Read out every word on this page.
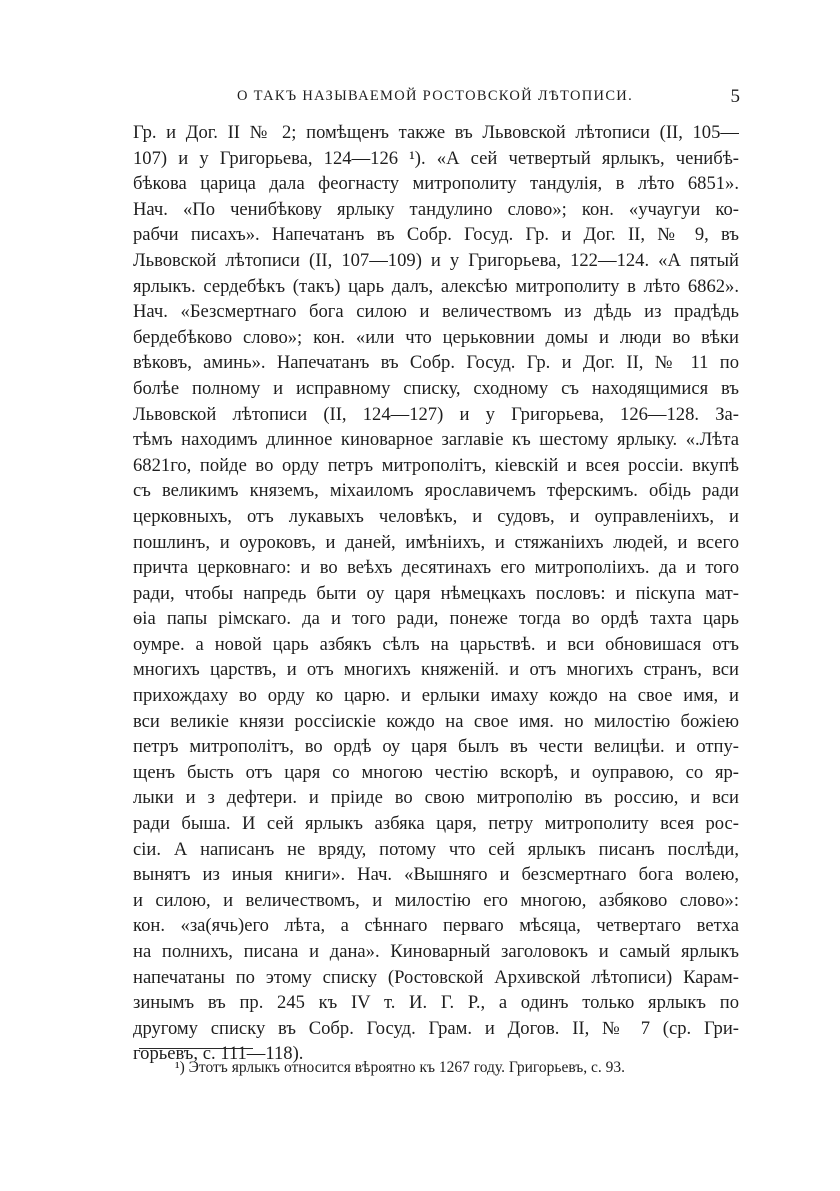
О ТАКЪ НАЗЫВАЕМОЙ РОСТОВСКОЙ ЛѢТОПИСИ.	5
Гр. и Дог. II № 2; помѣщенъ также въ Львовской лѣтописи (II, 105—
107) и у Григорьева, 124—126 ¹). «А сей четвертый ярлыкъ, ченибѣ-
бѣкова царица дала феогнасту митрополиту тандулія, в лѣто 6851».
Нач. «По ченибѣкову ярлыку тандулино слово»; кон. «учаугуи ко-
рабчи писахъ». Напечатанъ въ Собр. Госуд. Гр. и Дог. II, № 9, въ
Львовской лѣтописи (II, 107—109) и у Григорьева, 122—124. «А пятый
ярлыкъ. сердебѣкъ (такъ) царь далъ, алексѣю митрополиту в лѣто 6862».
Нач. «Безсмертнаго бога силою и величествомъ из дѣдь из прадѣдь
бердебѣково слово»; кон. «или что церьковнии домы и люди во вѣки
вѣковъ, аминь». Напечатанъ въ Собр. Госуд. Гр. и Дог. II, № 11 по
болѣе полному и исправному списку, сходному съ находящимися въ
Львовской лѣтописи (II, 124—127) и у Григорьева, 126—128. За-
тѣмъ находимъ длинное киноварное заглавіе къ шестому ярлыку. «.Лѣта
6821го, пойде во орду петръ митрополітъ, кіевскій и всея россіи. вкупѣ
съ великимъ княземъ, міхаиломъ ярославичемъ тферскимъ. обідь ради
церковныхъ, отъ лукавыхъ человѣкъ, и судовъ, и оуправленіихъ, и
пошлинъ, и оуроковъ, и даней, имѣніихъ, и стяжаніихъ людей, и всего
причта церковнаго: и во веѣхъ десятинахъ его митрополіихъ. да и того
ради, чтобы напредь быти оу царя нѣмецкахъ пословъ: и піскупа мат-
ѳіа папы рімскаго. да и того ради, понеже тогда во ордѣ тахта царь
оумре. а новой царь азбякъ сѣлъ на царьствѣ. и вси обновишася отъ
многихъ царствъ, и отъ многихъ княженій. и отъ многихъ странъ, вси
прихождаху во орду ко царю. и ерлыки имаху кождо на свое имя, и
вси великіе князи россіиcкіе кождо на свое имя. но милостію божіею
петръ митрополітъ, во ордѣ оу царя былъ въ чести велицѣи. и отпу-
щенъ бысть отъ царя со многою честію вскорѣ, и оуправою, со яр-
лыки и з дефтери. и пріиде во свою митрополію въ россию, и вси
ради быша. И сей ярлыкъ азбяка царя, петру митрополиту всея рос-
сіи. А написанъ не вряду, потому что сей ярлыкъ писанъ послѣди,
вынятъ из иныя книги». Нач. «Вышняго и безсмертнаго бога волею,
и силою, и величествомъ, и милостію его многою, азбяково слово»:
кон. «за(ячь)его лѣта, а сѣннаго перваго мѣсяца, четвертаго ветха
на полнихъ, писана и дана». Киноварный заголовокъ и самый ярлыкъ
напечатаны по этому списку (Ростовской Архивской лѣтописи) Карам-
зинымъ въ пр. 245 къ IV т. И. Г. Р., а одинъ только ярлыкъ по
другому списку въ Собр. Госуд. Грам. и Догов. II, № 7 (ср. Гри-
горьевъ, с. 111—118).
¹) Этотъ ярлыкъ относится вѣроятно къ 1267 году. Григорьевъ, с. 93.
